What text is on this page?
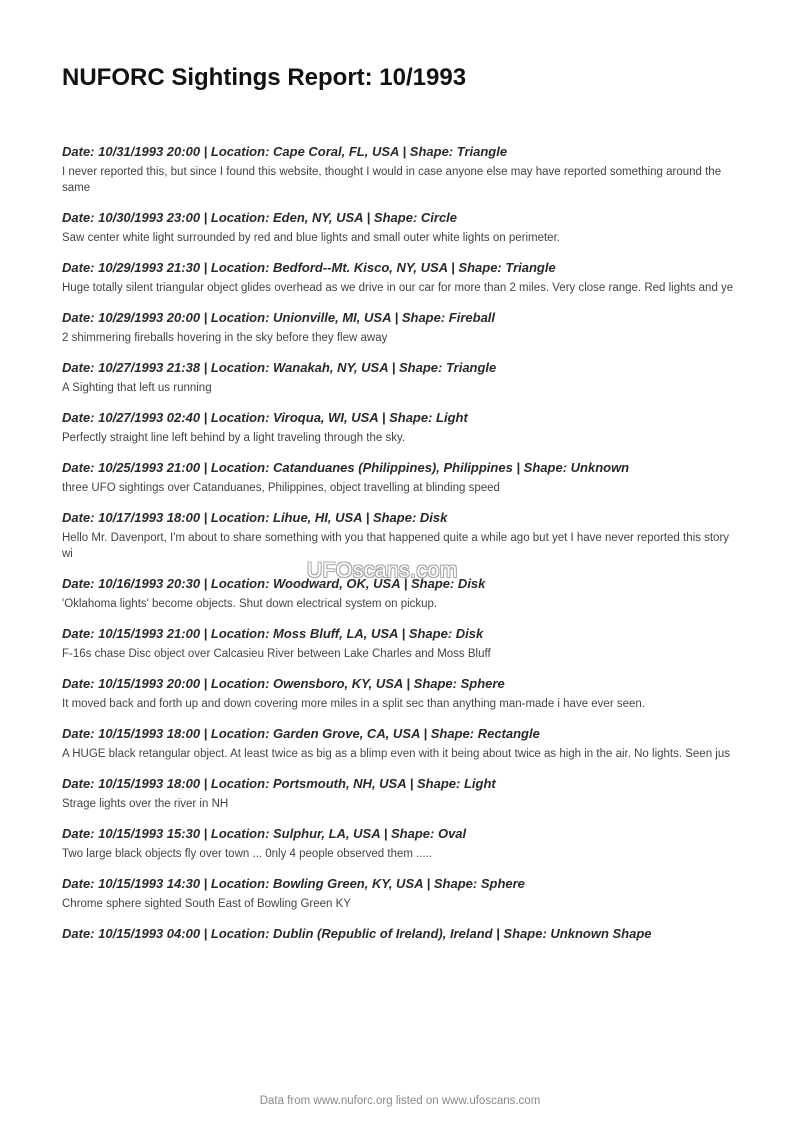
NUFORC Sightings Report: 10/1993
Date: 10/31/1993 20:00 | Location: Cape Coral, FL, USA | Shape: Triangle
I never reported this, but since I found this website, thought I would in case anyone else may have reported something around the same
Date: 10/30/1993 23:00 | Location: Eden, NY, USA | Shape: Circle
Saw center white light surrounded by red and blue lights and small outer white lights on perimeter.
Date: 10/29/1993 21:30 | Location: Bedford--Mt. Kisco, NY, USA | Shape: Triangle
Huge totally silent triangular object glides overhead as we drive in our car for more than 2 miles. Very close range. Red lights and ye
Date: 10/29/1993 20:00 | Location: Unionville, MI, USA | Shape: Fireball
2 shimmering fireballs hovering in the sky before they flew away
Date: 10/27/1993 21:38 | Location: Wanakah, NY, USA | Shape: Triangle
A Sighting that left us running
Date: 10/27/1993 02:40 | Location: Viroqua, WI, USA | Shape: Light
Perfectly straight line left behind by a light traveling through the sky.
Date: 10/25/1993 21:00 | Location: Catanduanes (Philippines), Philippines | Shape: Unknown
three UFO sightings over Catanduanes, Philippines, object travelling at blinding speed
Date: 10/17/1993 18:00 | Location: Lihue, HI, USA | Shape: Disk
Hello Mr. Davenport, I'm about to share something with you that happened quite a while ago but yet I have never reported this story wi
Date: 10/16/1993 20:30 | Location: Woodward, OK, USA | Shape: Disk
'Oklahoma lights' become objects. Shut down electrical system on pickup.
Date: 10/15/1993 21:00 | Location: Moss Bluff, LA, USA | Shape: Disk
F-16s chase Disc object over Calcasieu River between Lake Charles and Moss Bluff
Date: 10/15/1993 20:00 | Location: Owensboro, KY, USA | Shape: Sphere
It moved back and forth up and down covering more miles in a split sec than anything man-made i have ever seen.
Date: 10/15/1993 18:00 | Location: Garden Grove, CA, USA | Shape: Rectangle
A HUGE black retangular object. At least twice as big as a blimp even with it being about twice as high in the air. No lights. Seen jus
Date: 10/15/1993 18:00 | Location: Portsmouth, NH, USA | Shape: Light
Strage lights over the river in NH
Date: 10/15/1993 15:30 | Location: Sulphur, LA, USA | Shape: Oval
Two large black objects fly over town ... 0nly 4 people observed them .....
Date: 10/15/1993 14:30 | Location: Bowling Green, KY, USA | Shape: Sphere
Chrome sphere sighted South East of Bowling Green KY
Date: 10/15/1993 04:00 | Location: Dublin (Republic of Ireland), Ireland | Shape: Unknown Shape
UFOscans.com
Data from www.nuforc.org listed on www.ufoscans.com
